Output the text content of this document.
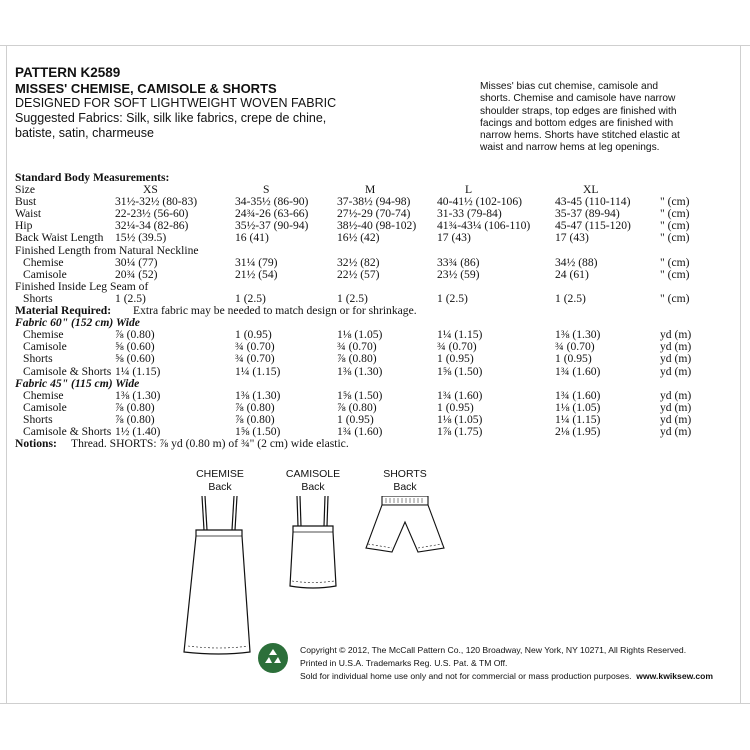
PATTERN K2589
MISSES' CHEMISE, CAMISOLE & SHORTS
DESIGNED FOR SOFT LIGHTWEIGHT WOVEN FABRIC
Suggested Fabrics: Silk, silk like fabrics, crepe de chine,
batiste, satin, charmeuse
Misses' bias cut chemise, camisole and
shorts. Chemise and camisole have narrow
shoulder straps, top edges are finished with
facings and bottom edges are finished with
narrow hems. Shorts have stitched elastic at
waist and narrow hems at leg openings.
Standard Body Measurements:
Size	XS	S	M	L	XL
Bust	31½-32½ (80-83)	34-35½ (86-90) 37-38½ (94-98) 40-41½ (102-106)	43-45 (110-114)	" (cm)
Waist	22-23½ (56-60)	24¾-26 (63-66) 27½-29 (70-74) 31-33 (79-84)	35-37 (89-94)	" (cm)
Hip	32¼-34 (82-86)	35½-37 (90-94) 38½-40 (98-102) 41¾-43¼ (106-110) 45-47 (115-120)	" (cm)
Back Waist Length 15½ (39.5)	16 (41)	16½ (42)	17 (43)	17 (43)	" (cm)
Finished Length from Natural Neckline
Chemise	30¼ (77)	31¼ (79)	32½ (82)	33¾ (86)	34½ (88)	" (cm)
Camisole	20¾ (52)	21½ (54)	22½ (57)	23½ (59)	24 (61)	" (cm)
Finished Inside Leg Seam of
Shorts	1 (2.5)	1 (2.5)	1 (2.5)	1 (2.5)	1 (2.5)	" (cm)
Material Required: Extra fabric may be needed to match design or for shrinkage.
Fabric 60" (152 cm) Wide
Chemise	⅞ (0.80)	1 (0.95)	1⅛ (1.05)	1¼ (1.15)	1⅜ (1.30)	yd (m)
Camisole	⅝ (0.60)	¾ (0.70)	¾ (0.70)	¾ (0.70)	¾ (0.70)	yd (m)
Shorts	⅝ (0.60)	¾ (0.70)	⅞ (0.80)	1 (0.95)	1 (0.95)	yd (m)
Camisole & Shorts 1¼ (1.15)	1¼ (1.15)	1⅜ (1.30)	1⅝ (1.50)	1¾ (1.60)	yd (m)
Fabric 45" (115 cm) Wide
Chemise	1⅜ (1.30)	1⅜ (1.30)	1⅝ (1.50)	1¾ (1.60)	1¾ (1.60)	yd (m)
Camisole	⅞ (0.80)	⅞ (0.80)	⅞ (0.80)	1 (0.95)	1⅛ (1.05)	yd (m)
Shorts	⅞ (0.80)	⅞ (0.80)	1 (0.95)	1⅛ (1.05)	1¼ (1.15)	yd (m)
Camisole & Shorts 1½ (1.40)	1⅝ (1.50)	1¾ (1.60)	1⅞ (1.75)	2⅛ (1.95)	yd (m)
Notions: Thread. SHORTS: ⅞ yd (0.80 m) of ¾" (2 cm) wide elastic.
CHEMISE
Back
CAMISOLE
Back
SHORTS
Back
Copyright © 2012, The McCall Pattern Co., 120 Broadway, New York, NY 10271, All Rights Reserved.
Printed in U.S.A. Trademarks Reg. U.S. Pat. & TM Off.
Sold for individual home use only and not for commercial or mass production purposes. www.kwiksew.com
